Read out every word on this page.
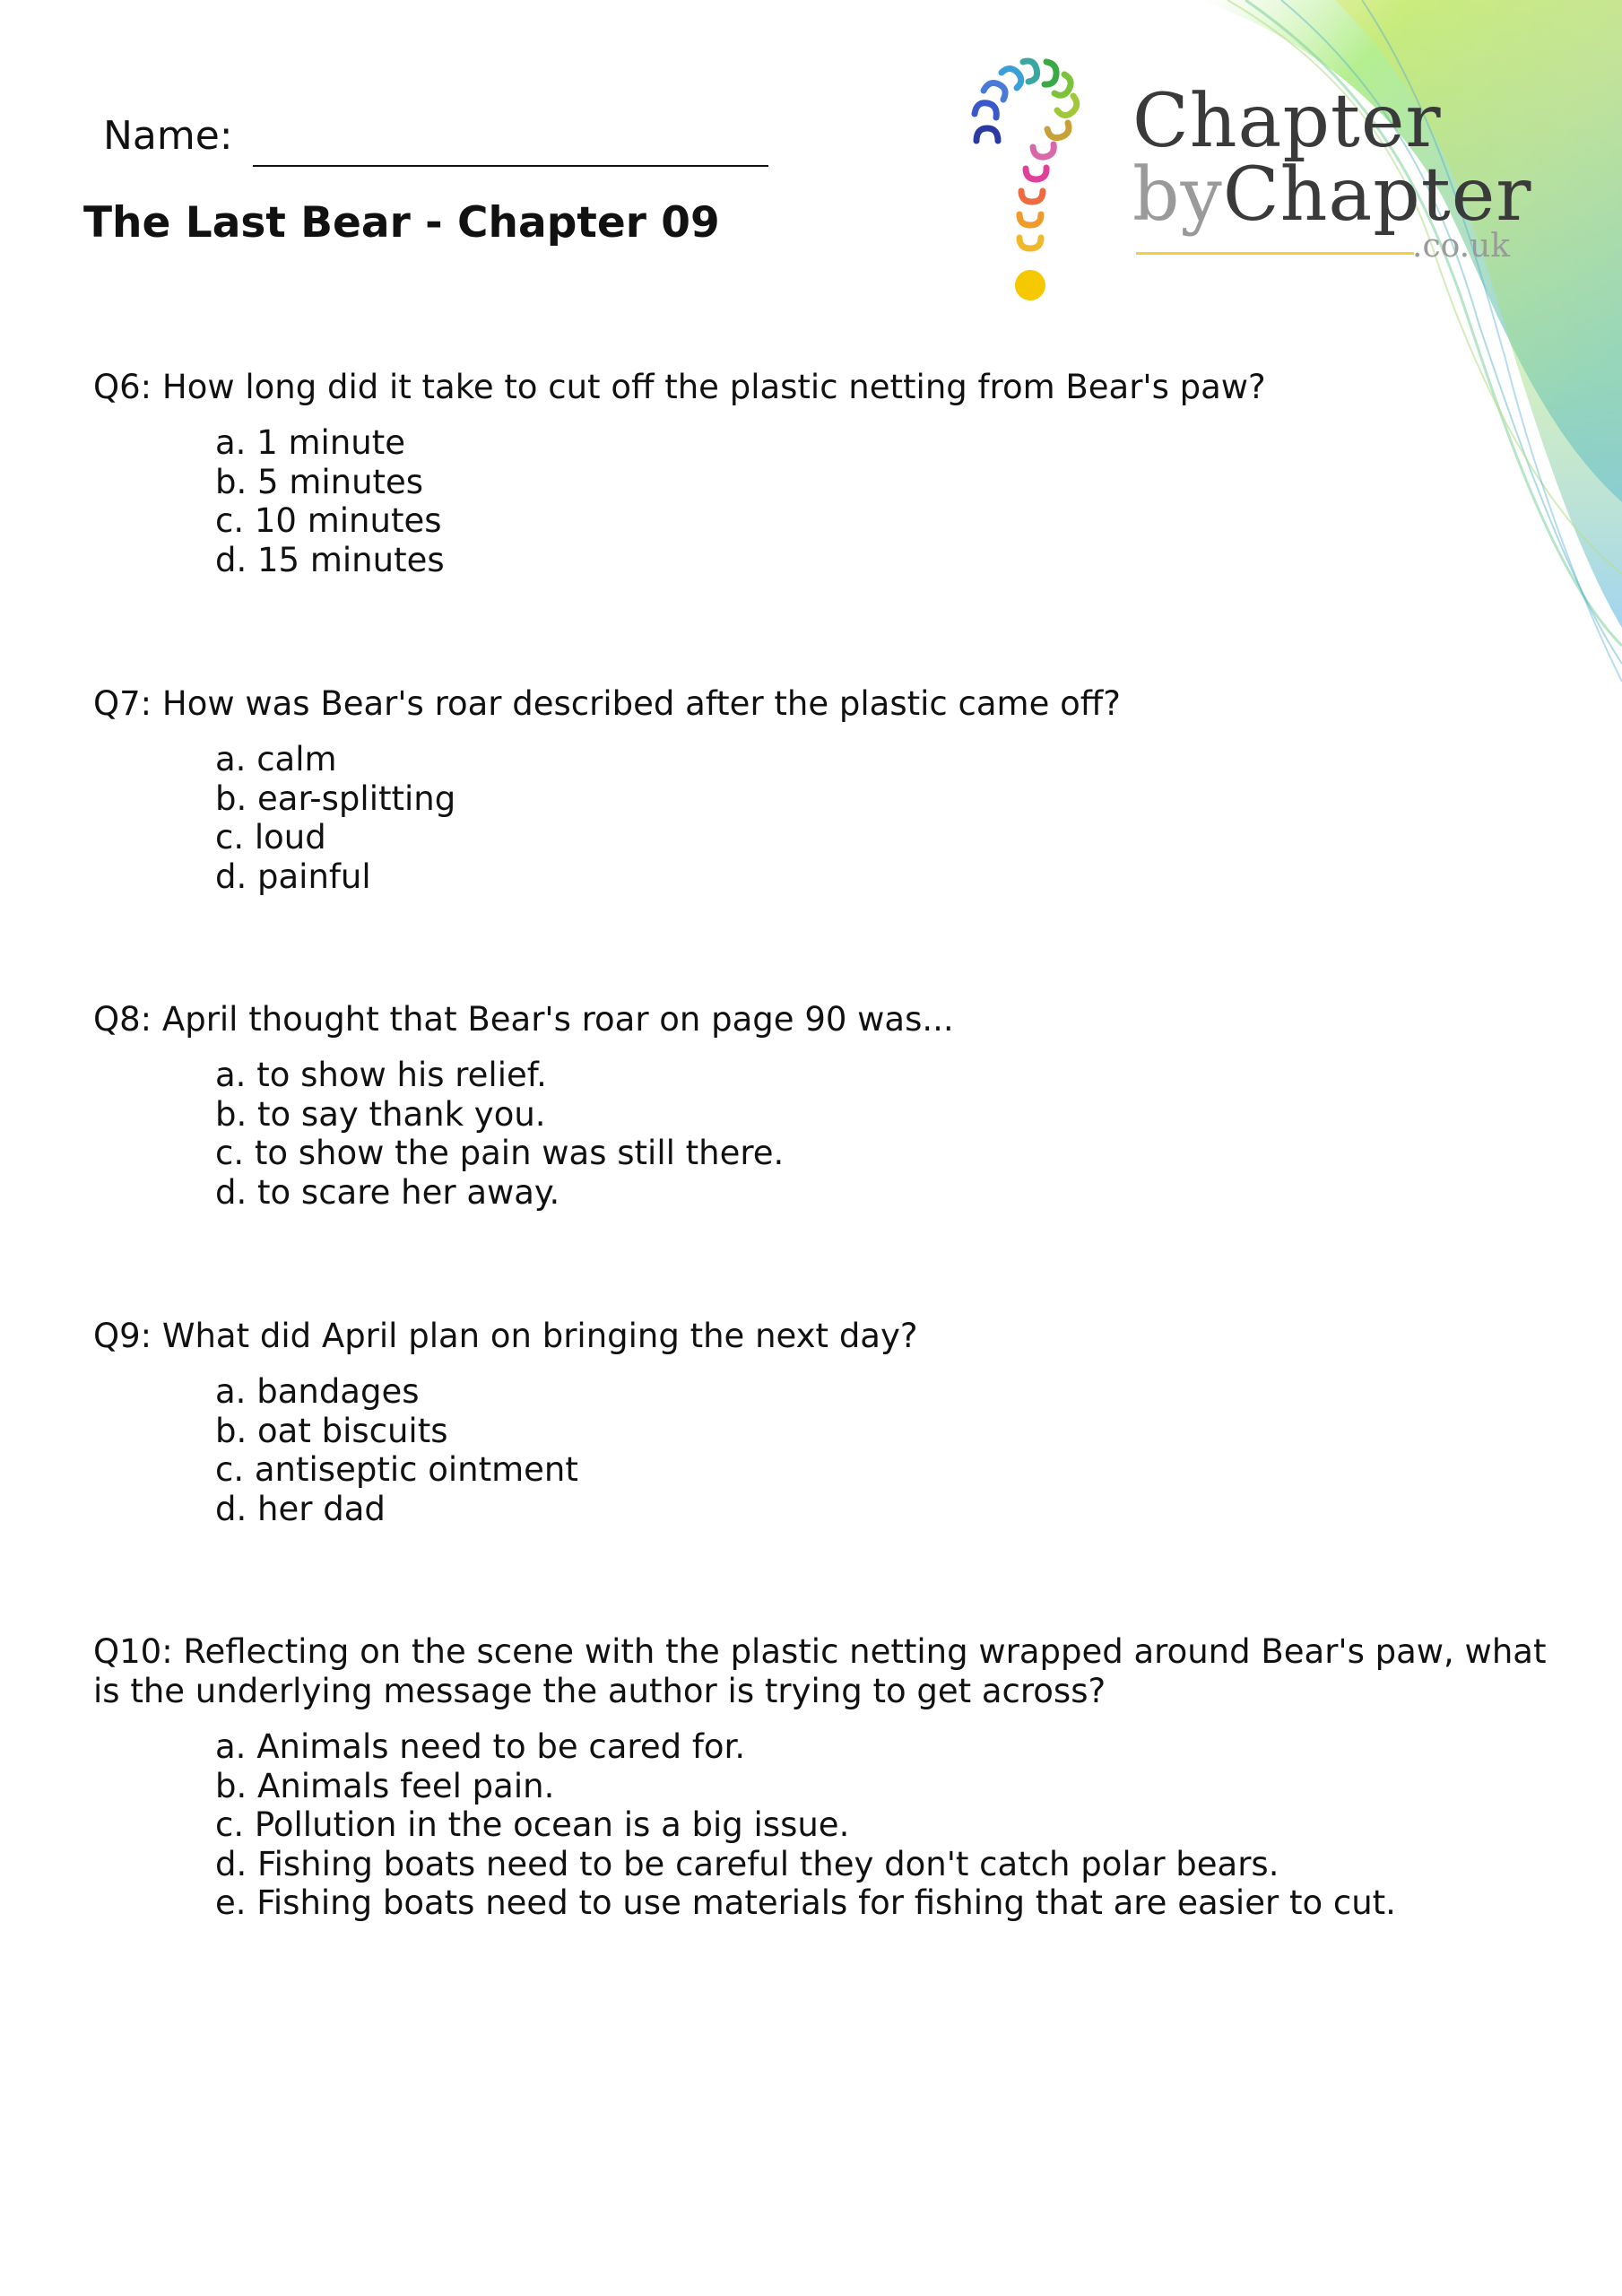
Chapter
byChapter
.co.uk
Name:
The Last Bear - Chapter 09

Q6: How long did it take to cut off the plastic netting from Bear's paw?

a. 1 minute
b. 5 minutes
c. 10 minutes
d. 15 minutes

Q7: How was Bear's roar described after the plastic came off?

a. calm
b. ear-splitting
c. loud
d. painful

Q8: April thought that Bear's roar on page 90 was...

a. to show his relief.
b. to say thank you.
c. to show the pain was still there.
d. to scare her away.

Q9: What did April plan on bringing the next day?

a. bandages
b. oat biscuits
c. antiseptic ointment
d. her dad

Q10: Reflecting on the scene with the plastic netting wrapped around Bear's paw, what is the underlying message the author is trying to get across?

a. Animals need to be cared for.
b. Animals feel pain.
c. Pollution in the ocean is a big issue.
d. Fishing boats need to be careful they don't catch polar bears.
e. Fishing boats need to use materials for fishing that are easier to cut.
